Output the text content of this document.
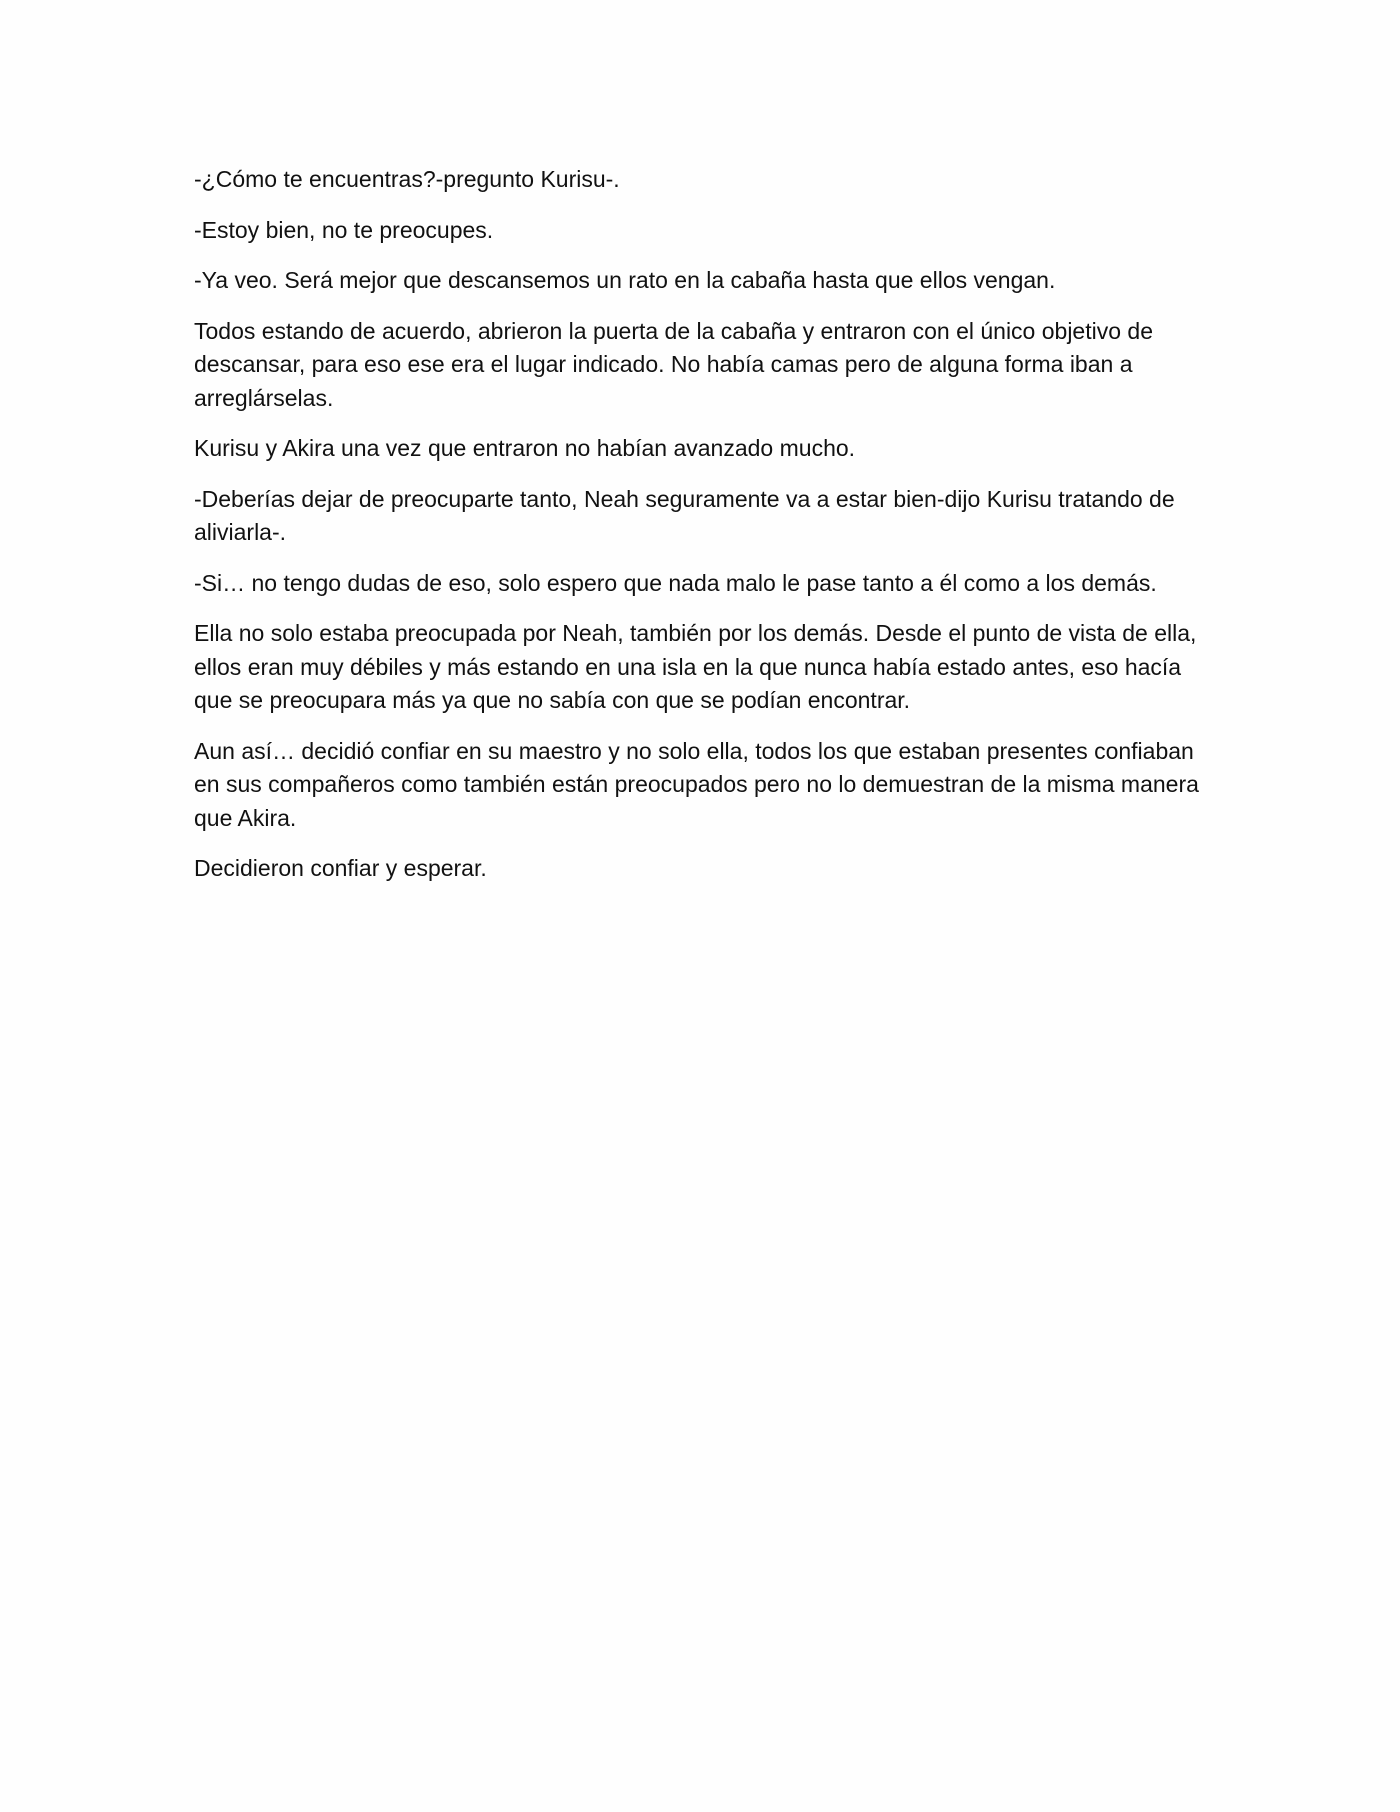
-¿Cómo te encuentras?-pregunto Kurisu-.

-Estoy bien, no te preocupes.

-Ya veo. Será mejor que descansemos un rato en la cabaña hasta que ellos vengan.

Todos estando de acuerdo, abrieron la puerta de la cabaña y entraron con el único objetivo de descansar, para eso ese era el lugar indicado. No había camas pero de alguna forma iban a arreglárselas.

Kurisu y Akira una vez que entraron no habían avanzado mucho.

-Deberías dejar de preocuparte tanto, Neah seguramente va a estar bien-dijo Kurisu tratando de aliviarla-.

-Si… no tengo dudas de eso, solo espero que nada malo le pase tanto a él como a los demás.

Ella no solo estaba preocupada por Neah, también por los demás. Desde el punto de vista de ella, ellos eran muy débiles y más estando en una isla en la que nunca había estado antes, eso hacía que se preocupara más ya que no sabía con que se podían encontrar.

Aun así… decidió confiar en su maestro y no solo ella, todos los que estaban presentes confiaban en sus compañeros como también están preocupados pero no lo demuestran de la misma manera que Akira.

Decidieron confiar y esperar.
